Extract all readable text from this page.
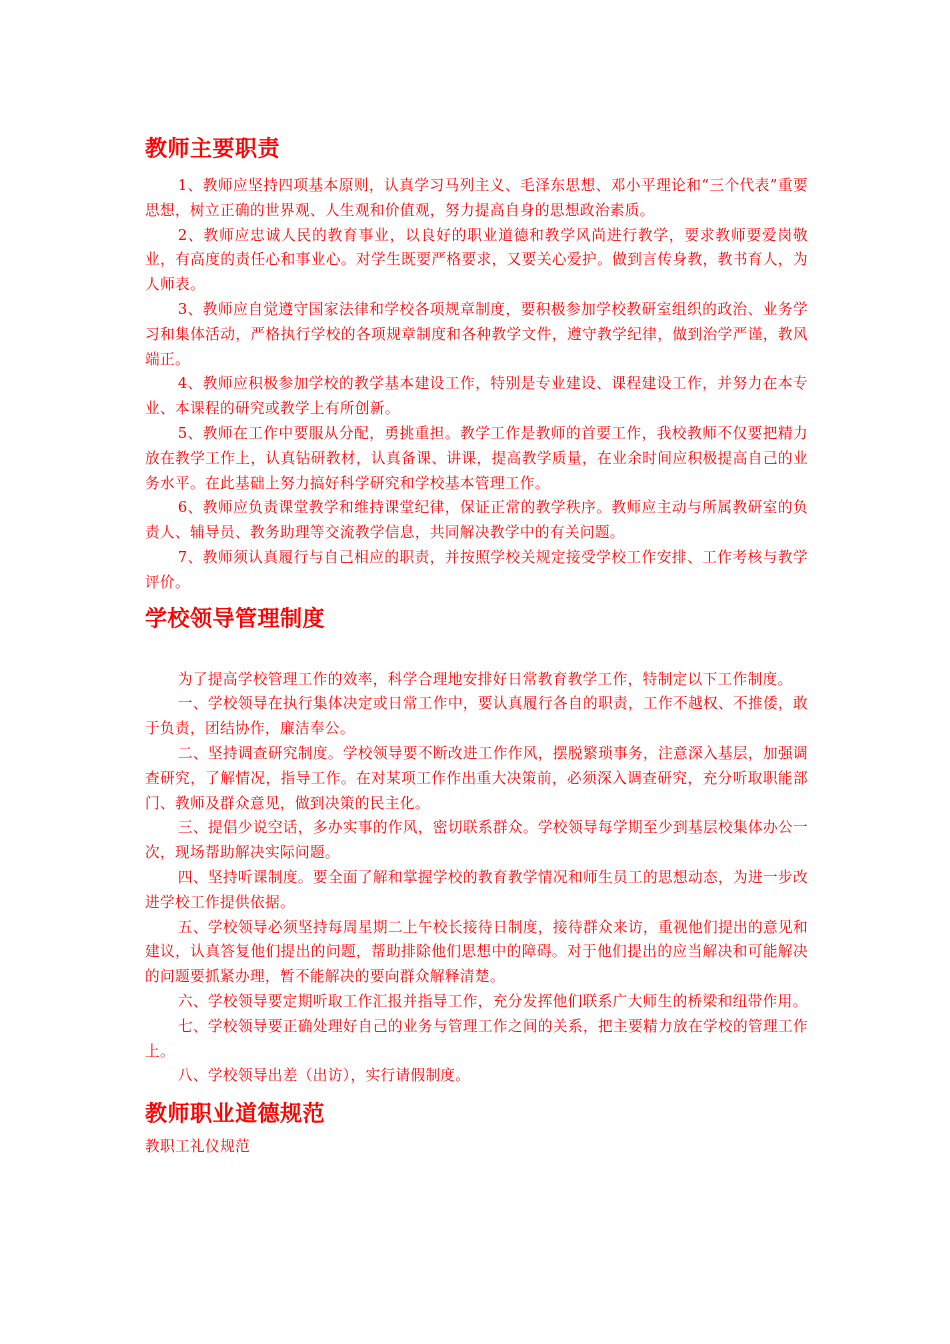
教师主要职责

1、教师应坚持四项基本原则，认真学习马列主义、毛泽东思想、邓小平理论和“三个代表”重要思想，树立正确的世界观、人生观和价值观，努力提高自身的思想政治素质。

2、教师应忠诚人民的教育事业，以良好的职业道德和教学风尚进行教学，要求教师要爱岗敬业，有高度的责任心和事业心。对学生既要严格要求，又要关心爱护。做到言传身教，教书育人，为人师表。

3、教师应自觉遵守国家法律和学校各项规章制度，要积极参加学校教研室组织的政治、业务学习和集体活动，严格执行学校的各项规章制度和各种教学文件，遵守教学纪律，做到治学严谨，教风端正。

4、教师应积极参加学校的教学基本建设工作，特别是专业建设、课程建设工作，并努力在本专业、本课程的研究或教学上有所创新。

5、教师在工作中要服从分配，勇挑重担。教学工作是教师的首要工作，我校教师不仅要把精力放在教学工作上，认真钻研教材，认真备课、讲课，提高教学质量，在业余时间应积极提高自己的业务水平。在此基础上努力搞好科学研究和学校基本管理工作。

6、教师应负责课堂教学和维持课堂纪律，保证正常的教学秩序。教师应主动与所属教研室的负责人、辅导员、教务助理等交流教学信息，共同解决教学中的有关问题。

7、教师须认真履行与自己相应的职责，并按照学校关规定接受学校工作安排、工作考核与教学评价。

学校领导管理制度

为了提高学校管理工作的效率，科学合理地安排好日常教育教学工作，特制定以下工作制度。

一、学校领导在执行集体决定或日常工作中，要认真履行各自的职责，工作不越权、不推倭，敢于负责，团结协作，廉洁奉公。

二、坚持调查研究制度。学校领导要不断改进工作作风，摆脱繁琐事务，注意深入基层，加强调查研究，了解情况，指导工作。在对某项工作作出重大决策前，必须深入调查研究，充分听取职能部门、教师及群众意见，做到决策的民主化。

三、提倡少说空话，多办实事的作风，密切联系群众。学校领导每学期至少到基层校集体办公一次，现场帮助解决实际问题。

四、坚持听课制度。要全面了解和掌握学校的教育教学情况和师生员工的思想动态，为进一步改进学校工作提供依据。

五、学校领导必须坚持每周星期二上午校长接待日制度，接待群众来访，重视他们提出的意见和建议，认真答复他们提出的问题，帮助排除他们思想中的障碍。对于他们提出的应当解决和可能解决的问题要抓紧办理，暂不能解决的要向群众解释清楚。

六、学校领导要定期听取工作汇报并指导工作，充分发挥他们联系广大师生的桥梁和纽带作用。

七、学校领导要正确处理好自己的业务与管理工作之间的关系，把主要精力放在学校的管理工作上。

八、学校领导出差（出访），实行请假制度。

教师职业道德规范

教职工礼仪规范
